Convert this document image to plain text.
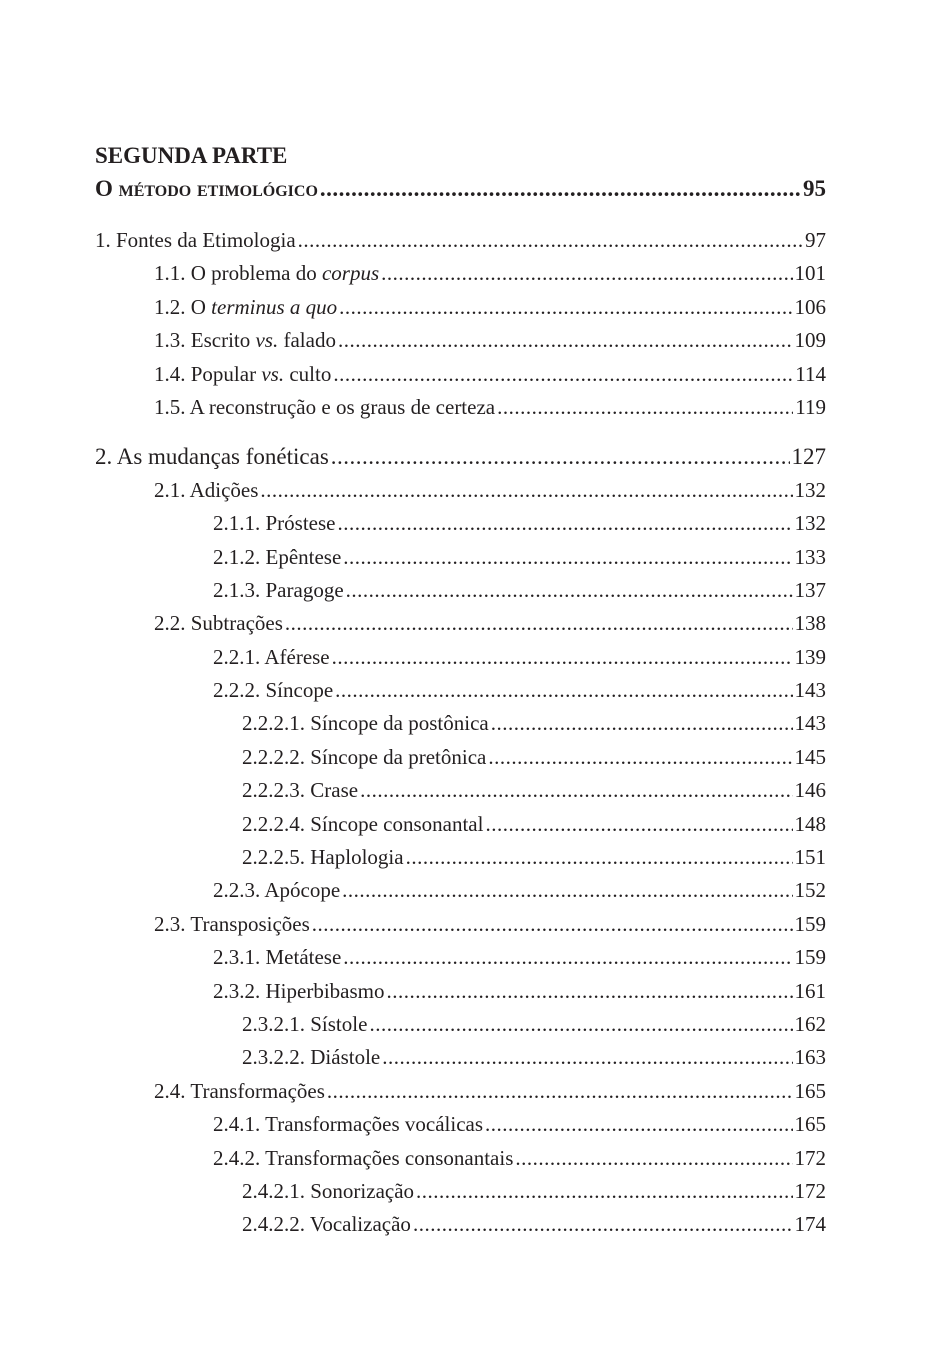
SEGUNDA PARTE
O método etimológico .....	95
1. Fontes da Etimologia .....	97
1.1. O problema do corpus .....	101
1.2. O terminus a quo .....	106
1.3. Escrito vs. falado .....	109
1.4. Popular vs. culto .....	114
1.5. A reconstrução e os graus de certeza .....	119
2. As mudanças fonéticas .....	127
2.1. Adições .....	132
2.1.1. Próstese .....	132
2.1.2. Epêntese .....	133
2.1.3. Paragoge .....	137
2.2. Subtrações .....	138
2.2.1. Aférese .....	139
2.2.2. Síncope .....	143
2.2.2.1. Síncope da postônica .....	143
2.2.2.2. Síncope da pretônica .....	145
2.2.2.3. Crase .....	146
2.2.2.4. Síncope consonantal .....	148
2.2.2.5. Haplologia .....	151
2.2.3. Apócope .....	152
2.3. Transposições .....	159
2.3.1. Metátese .....	159
2.3.2. Hiperbibasmo .....	161
2.3.2.1. Sístole .....	162
2.3.2.2. Diástole .....	163
2.4. Transformações .....	165
2.4.1. Transformações vocálicas .....	165
2.4.2. Transformações consonantais .....	172
2.4.2.1. Sonorização .....	172
2.4.2.2. Vocalização .....	174
